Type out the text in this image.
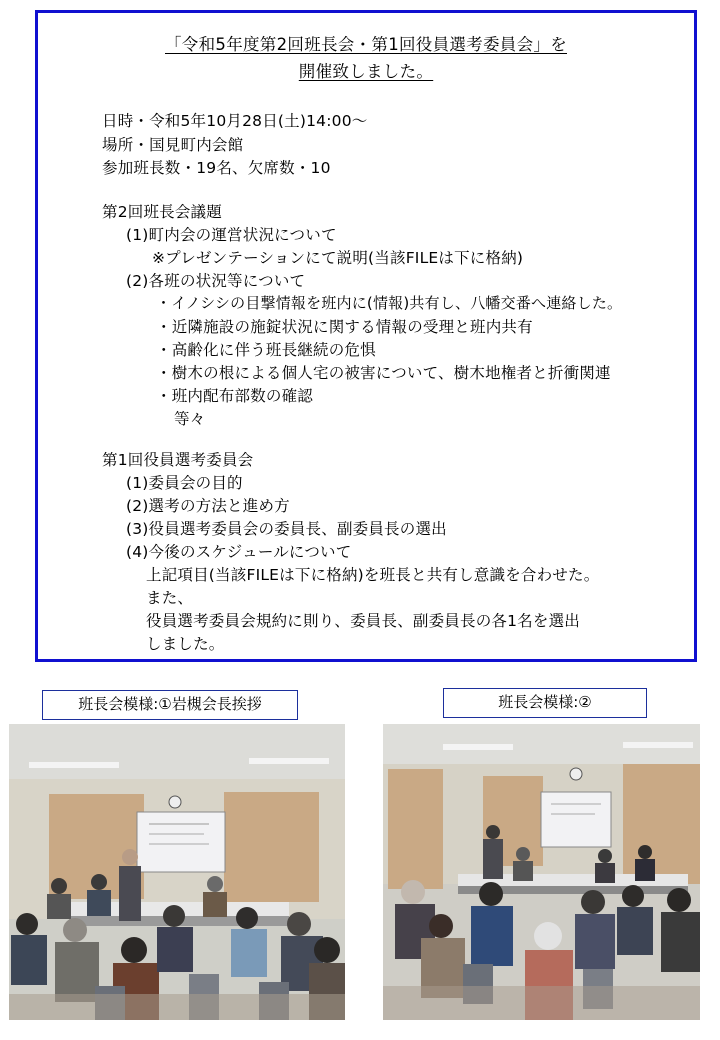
「令和5年度第2回班長会・第1回役員選考委員会」を
開催致しました。
日時・令和5年10月28日(土)14:00～
場所・国見町内会館
参加班長数・19名、欠席数・10
第2回班長会議題
(1)町内会の運営状況について
※プレゼンテーションにて説明(当該FILEは下に格納)
(2)各班の状況等について
・イノシシの目撃情報を班内に(情報)共有し、八幡交番へ連絡した。
・近隣施設の施錠状況に関する情報の受理と班内共有
・高齢化に伴う班長継続の危惧
・樹木の根による個人宅の被害について、樹木地権者と折衝関連
・班内配布部数の確認
等々
第1回役員選考委員会
(1)委員会の目的
(2)選考の方法と進め方
(3)役員選考委員会の委員長、副委員長の選出
(4)今後のスケジュールについて
上記項目(当該FILEは下に格納)を班長と共有し意識を合わせた。
また、
役員選考委員会規約に則り、委員長、副委員長の各1名を選出
しました。
班長会模様:①岩槻会長挨拶	班長会模様:②
